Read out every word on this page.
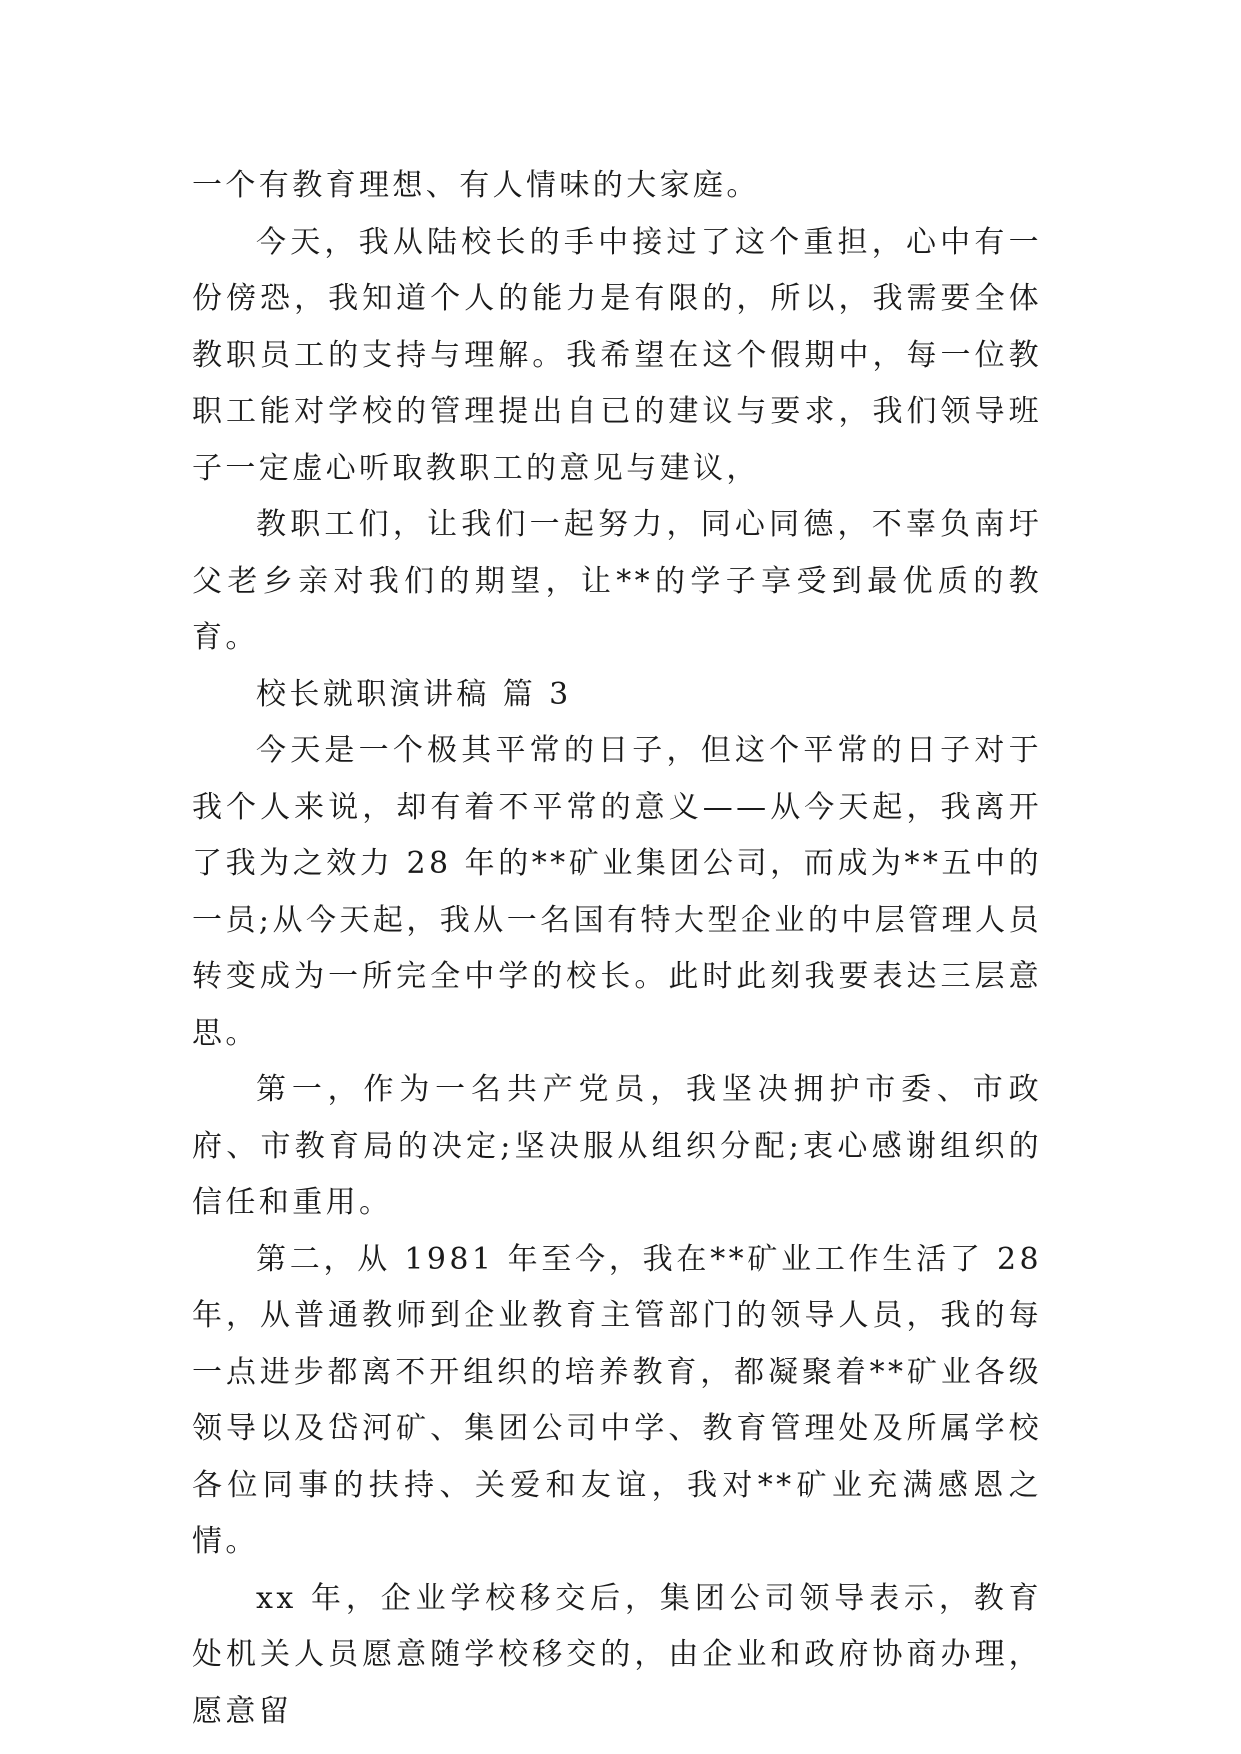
一个有教育理想、有人情味的大家庭。

今天，我从陆校长的手中接过了这个重担，心中有一份傍恐，我知道个人的能力是有限的，所以，我需要全体教职员工的支持与理解。我希望在这个假期中，每一位教职工能对学校的管理提出自已的建议与要求，我们领导班子一定虚心听取教职工的意见与建议，

教职工们，让我们一起努力，同心同德，不辜负南圩父老乡亲对我们的期望，让**的学子享受到最优质的教育。

校长就职演讲稿 篇 3

今天是一个极其平常的日子，但这个平常的日子对于我个人来说，却有着不平常的意义——从今天起，我离开了我为之效力 28 年的**矿业集团公司，而成为**五中的一员;从今天起，我从一名国有特大型企业的中层管理人员转变成为一所完全中学的校长。此时此刻我要表达三层意思。

第一，作为一名共产党员，我坚决拥护市委、市政府、市教育局的决定;坚决服从组织分配;衷心感谢组织的信任和重用。

第二，从 1981 年至今，我在**矿业工作生活了 28 年，从普通教师到企业教育主管部门的领导人员，我的每一点进步都离不开组织的培养教育，都凝聚着**矿业各级领导以及岱河矿、集团公司中学、教育管理处及所属学校各位同事的扶持、关爱和友谊，我对**矿业充满感恩之情。

xx 年，企业学校移交后，集团公司领导表示，教育处机关人员愿意随学校移交的，由企业和政府协商办理，愿意留
